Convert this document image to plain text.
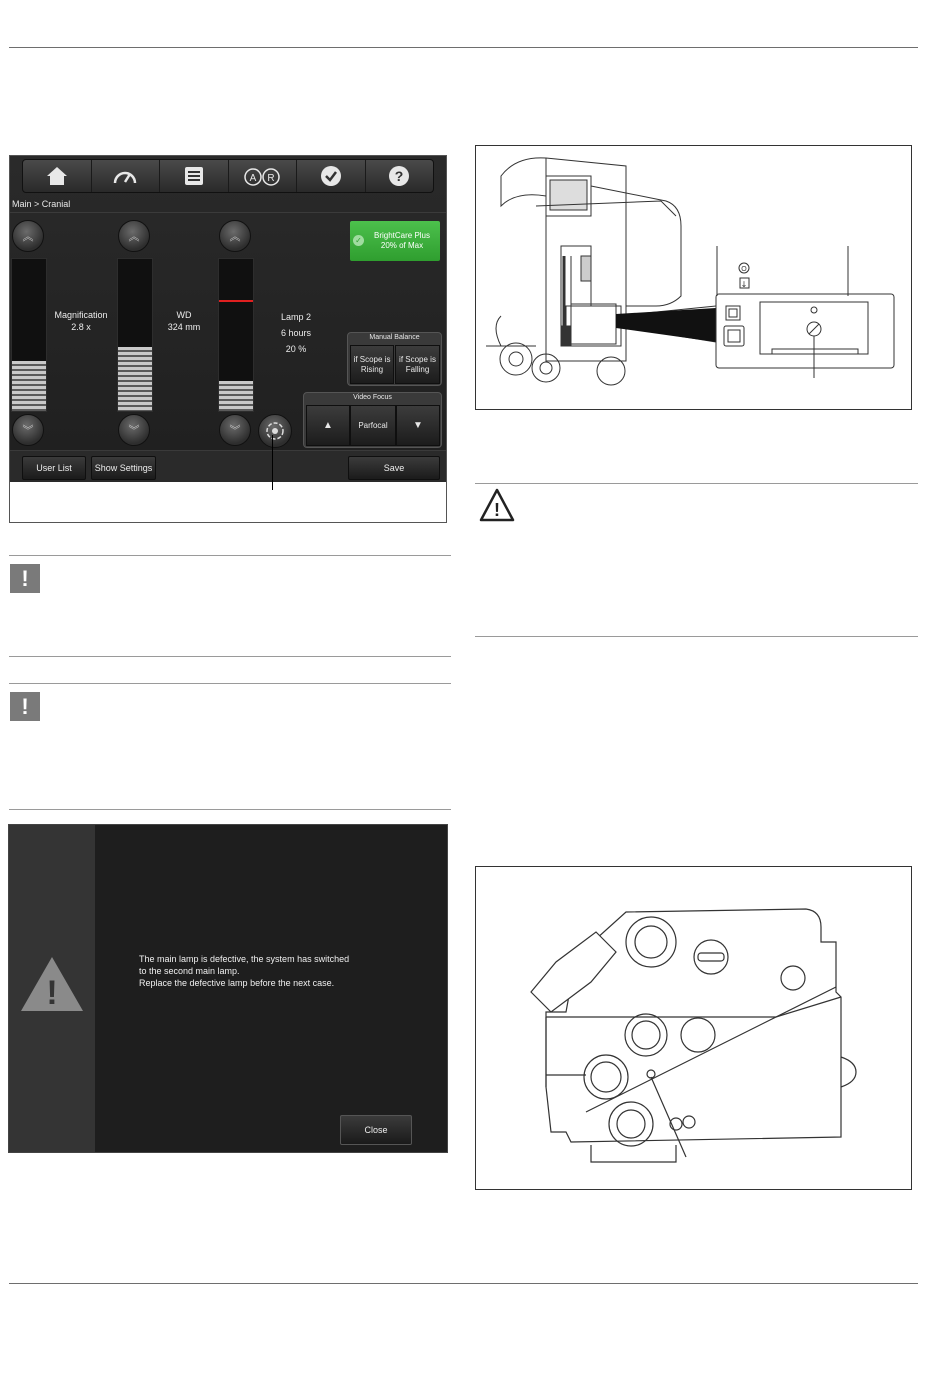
A R	?
Main > Cranial
︽
︾
Magnification
2.8 x
︽
︾
WD
324 mm
︽
︾
Lamp 2
6 hours
20 %
✓
BrightCare Plus
20% of Max
Manual Balance
if Scope is Rising
if Scope is Falling
Video Focus
▲	Parfocal	▼
User List	Show Settings	Save
!
!
!
The main lamp is defective, the system has switched
to the second main lamp.
Replace the defective lamp before the next case.
Close
O
↓
!
